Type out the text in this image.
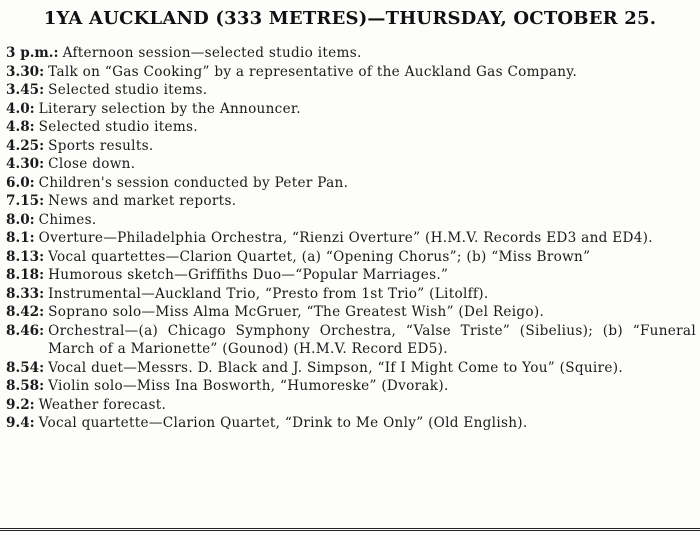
1YA AUCKLAND (333 METRES)—THURSDAY, OCTOBER 25.
3 p.m.: Afternoon session—selected studio items.
3.30: Talk on “Gas Cooking” by a representative of the Auckland Gas Company.
3.45: Selected studio items.
4.0: Literary selection by the Announcer.
4.8: Selected studio items.
4.25: Sports results.
4.30: Close down.
6.0: Children's session conducted by Peter Pan.
7.15: News and market reports.
8.0: Chimes.
8.1: Overture—Philadelphia Orchestra, “Rienzi Overture” (H.M.V. Records ED3 and ED4).
8.13: Vocal quartettes—Clarion Quartet, (a) “Opening Chorus”; (b) “Miss Brown”
8.18: Humorous sketch—Griffiths Duo—“Popular Marriages.”
8.33: Instrumental—Auckland Trio, “Presto from 1st Trio” (Litolff).
8.42: Soprano solo—Miss Alma McGruer, “The Greatest Wish” (Del Reigo).
8.46: Orchestral—(a) Chicago Symphony Orchestra, “Valse Triste” (Sibelius); (b) “Funeral March of a Marionette” (Gounod) (H.M.V. Record ED5).
8.54: Vocal duet—Messrs. D. Black and J. Simpson, “If I Might Come to You” (Squire).
8.58: Violin solo—Miss Ina Bosworth, “Humoreske” (Dvorak).
9.2: Weather forecast.
9.4: Vocal quartette—Clarion Quartet, “Drink to Me Only” (Old English).
